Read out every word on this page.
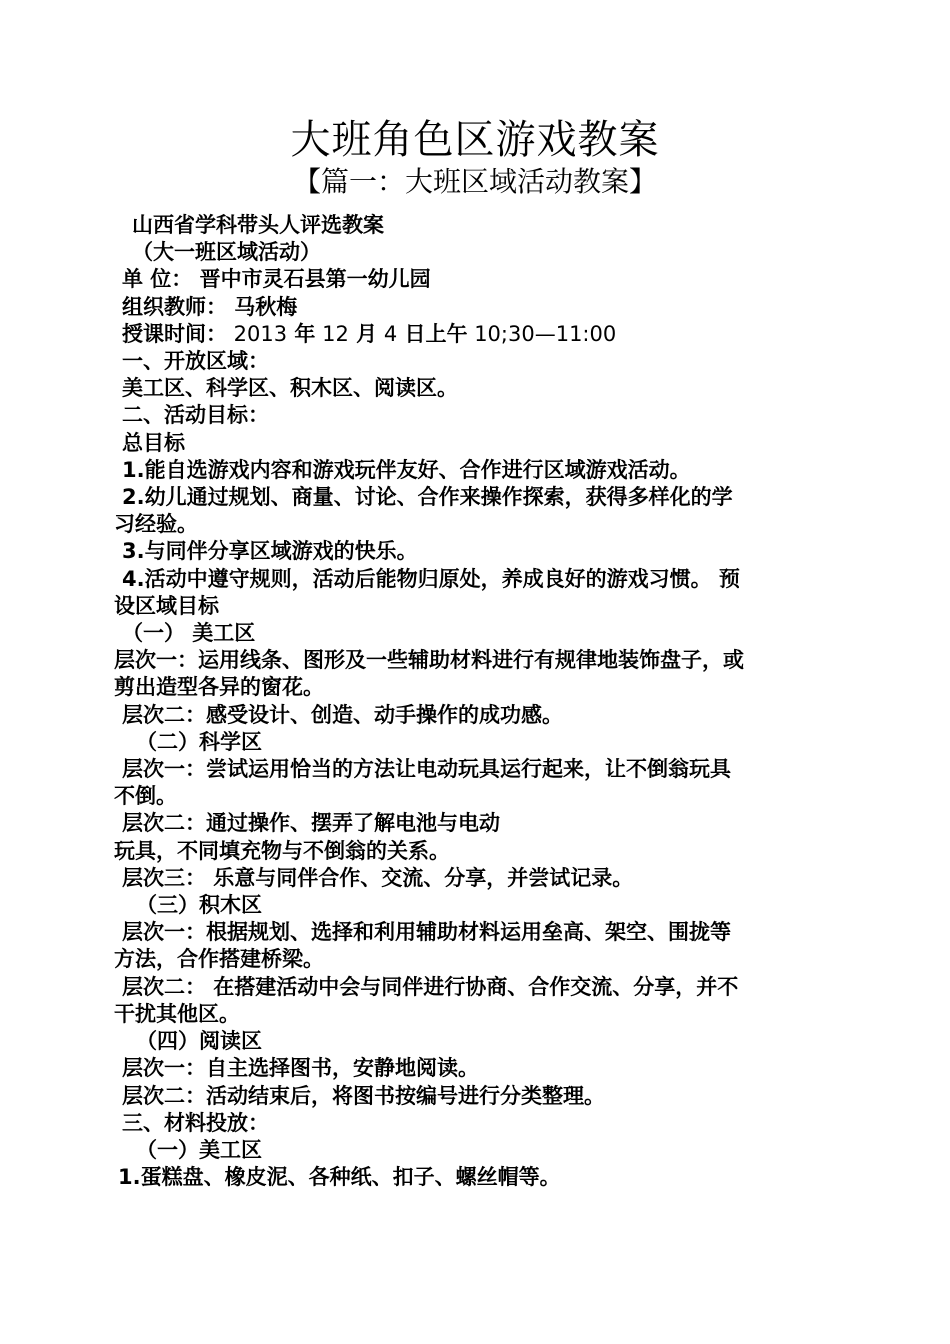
大班角色区游戏教案
【篇一：大班区域活动教案】

山西省学科带头人评选教案

（大一班区域活动）

单 位： 晋中市灵石县第一幼儿园

组织教师： 马秋梅

授课时间： 2013 年 12 月 4 日上午 10;30—11:00

一、开放区域：

美工区、科学区、积木区、阅读区。

二、活动目标：

总目标

1.能自选游戏内容和游戏玩伴友好、合作进行区域游戏活动。

2.幼儿通过规划、商量、讨论、合作来操作探索，获得多样化的学

习经验。

3.与同伴分享区域游戏的快乐。

4.活动中遵守规则，活动后能物归原处，养成良好的游戏习惯。 预

设区域目标

（一） 美工区

层次一：运用线条、图形及一些辅助材料进行有规律地装饰盘子，或

剪出造型各异的窗花。

层次二：感受设计、创造、动手操作的成功感。

（二）科学区

层次一：尝试运用恰当的方法让电动玩具运行起来，让不倒翁玩具

不倒。

层次二：通过操作、摆弄了解电池与电动

玩具，不同填充物与不倒翁的关系。

层次三： 乐意与同伴合作、交流、分享，并尝试记录。

（三）积木区

层次一：根据规划、选择和利用辅助材料运用垒高、架空、围拢等

方法，合作搭建桥梁。

层次二： 在搭建活动中会与同伴进行协商、合作交流、分享，并不

干扰其他区。

（四）阅读区

层次一：自主选择图书，安静地阅读。

层次二：活动结束后，将图书按编号进行分类整理。

三、材料投放：

（一）美工区

1.蛋糕盘、橡皮泥、各种纸、扣子、螺丝帽等。
